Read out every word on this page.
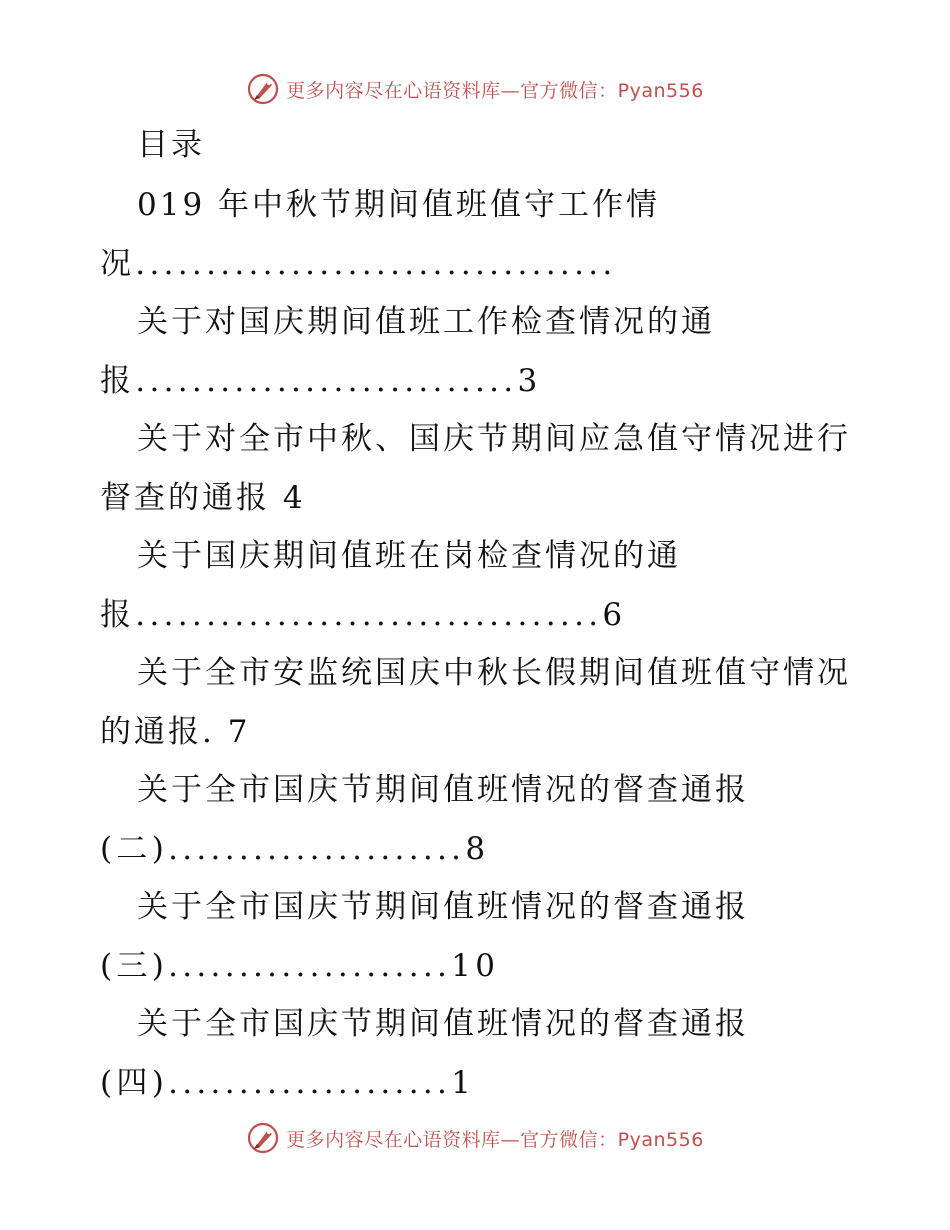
更多内容尽在心语资料库—官方微信：Pyan556
目录
019 年中秋节期间值班值守工作情
况..................................
关于对国庆期间值班工作检查情况的通
报...........................3
关于对全市中秋、国庆节期间应急值守情况进行
督查的通报 4
关于国庆期间值班在岗检查情况的通
报.................................6
关于全市安监统国庆中秋长假期间值班值守情况
的通报. 7
关于全市国庆节期间值班情况的督查通报
(二).....................8
关于全市国庆节期间值班情况的督查通报
(三)....................10
关于全市国庆节期间值班情况的督查通报
(四)....................1
更多内容尽在心语资料库—官方微信：Pyan556
